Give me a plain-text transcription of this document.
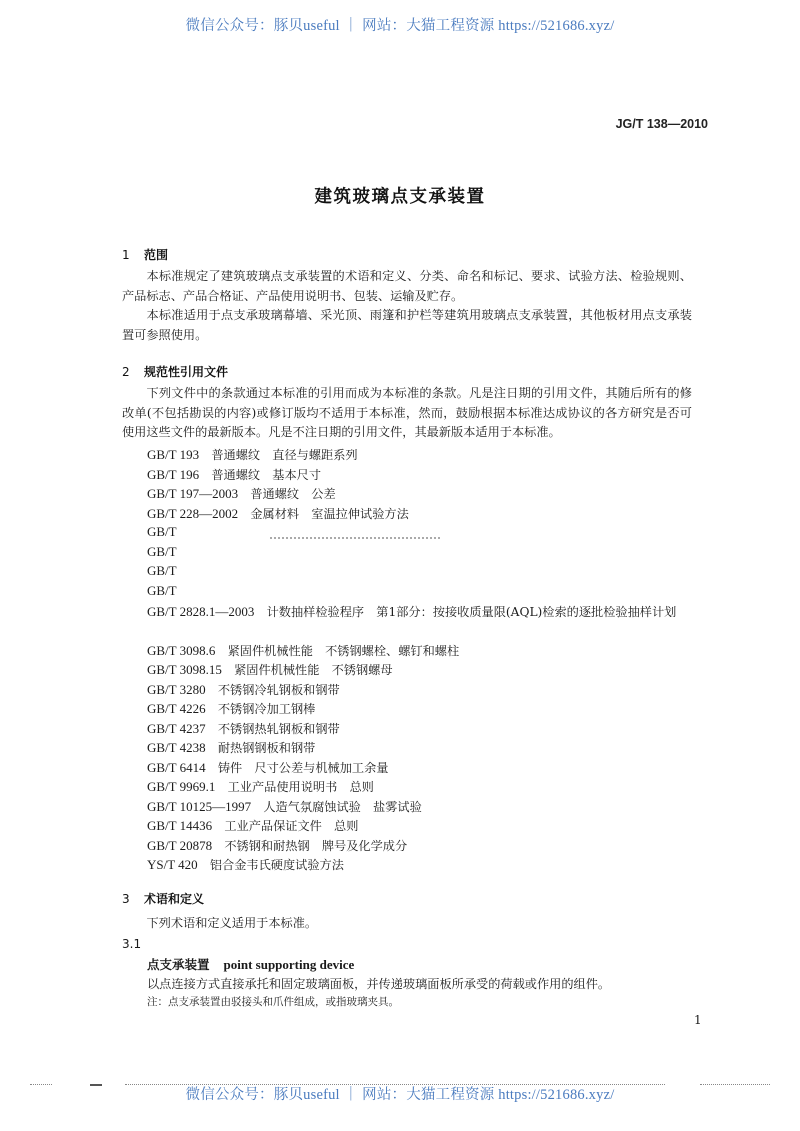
微信公众号：豚贝useful ｜ 网站：大猫工程资源 https://521686.xyz/
JG/T 138—2010
建筑玻璃点支承装置
1 范围
本标准规定了建筑玻璃点支承装置的术语和定义、分类、命名和标记、要求、试验方法、检验规则、产品标志、产品合格证、产品使用说明书、包装、运输及贮存。
本标准适用于点支承玻璃幕墙、采光顶、雨篷和护栏等建筑用玻璃点支承装置，其他板材用点支承装置可参照使用。
2 规范性引用文件
下列文件中的条款通过本标准的引用而成为本标准的条款。凡是注日期的引用文件，其随后所有的修改单(不包括勘误的内容)或修订版均不适用于本标准，然而，鼓励根据本标准达成协议的各方研究是否可使用这些文件的最新版本。凡是不注日期的引用文件，其最新版本适用于本标准。
GB/T 193　 普通螺纹　直径与螺距系列
GB/T 196　 普通螺纹　基本尺寸
GB/T 197—2003　 普通螺纹　公差
GB/T 228—2002　 金属材料　室温拉伸试验方法
GB/T
GB/T
GB/T
GB/T
GB/T 2828.1—2003　 计数抽样检验程序　第1部分：按接收质量限(AQL)检索的逐批检验抽样计划
GB/T 3098.6　 紧固件机械性能　不锈钢螺栓、螺钉和螺柱
GB/T 3098.15　 紧固件机械性能　不锈钢螺母
GB/T 3280　 不锈钢冷轧钢板和钢带
GB/T 4226　 不锈钢冷加工钢棒
GB/T 4237　 不锈钢热轧钢板和钢带
GB/T 4238　 耐热钢钢板和钢带
GB/T 6414　 铸件　尺寸公差与机械加工余量
GB/T 9969.1　 工业产品使用说明书　总则
GB/T 10125—1997　 人造气氛腐蚀试验　盐雾试验
GB/T 14436　 工业产品保证文件　总则
GB/T 20878　 不锈钢和耐热钢　牌号及化学成分
YS/T 420　 铝合金韦氏硬度试验方法
3 术语和定义
下列术语和定义适用于本标准。
3.1
点支承装置 point supporting device
以点连接方式直接承托和固定玻璃面板，并传递玻璃面板所承受的荷载或作用的组件。
注：点支承装置由驳接头和爪件组成，或指玻璃夹具。
1
微信公众号：豚贝useful ｜ 网站：大猫工程资源 https://521686.xyz/
